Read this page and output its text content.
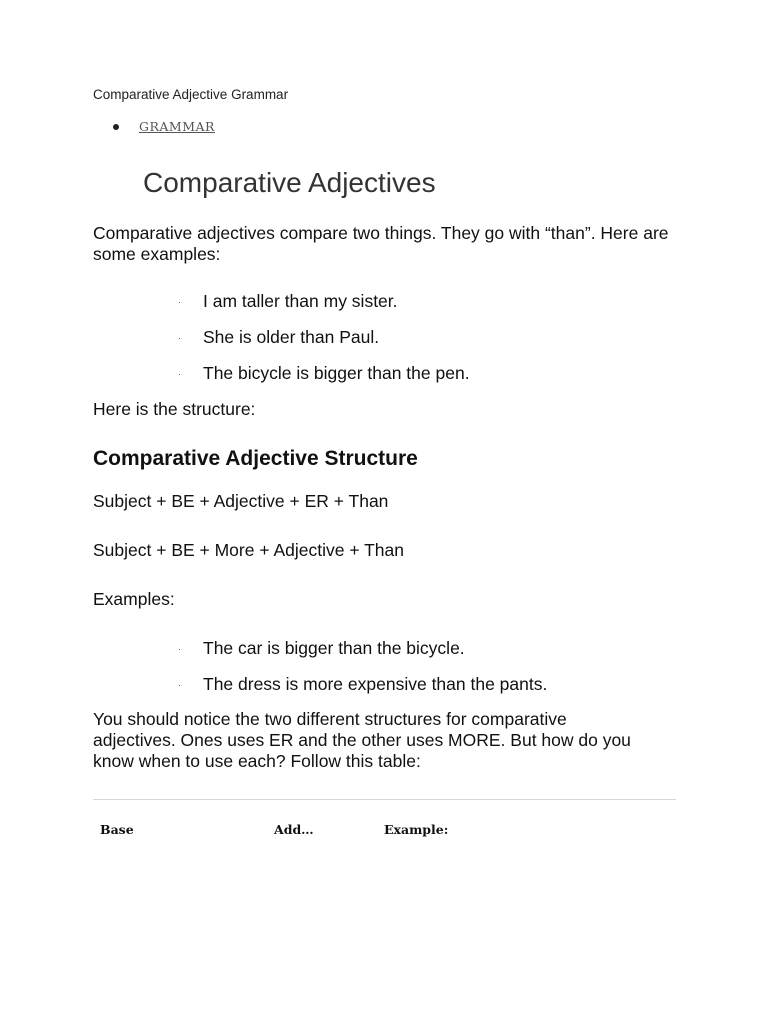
Comparative Adjective Grammar
GRAMMAR
Comparative Adjectives

Comparative adjectives compare two things. They go with “than”. Here are some examples:

· I am taller than my sister.
· She is older than Paul.
· The bicycle is bigger than the pen.

Here is the structure:

Comparative Adjective Structure

Subject + BE + Adjective + ER + Than

Subject + BE + More + Adjective + Than

Examples:

· The car is bigger than the bicycle.
· The dress is more expensive than the pants.

You should notice the two different structures for comparative adjectives. Ones uses ER and the other uses MORE. But how do you know when to use each? Follow this table:

Base	Add…	Example:
